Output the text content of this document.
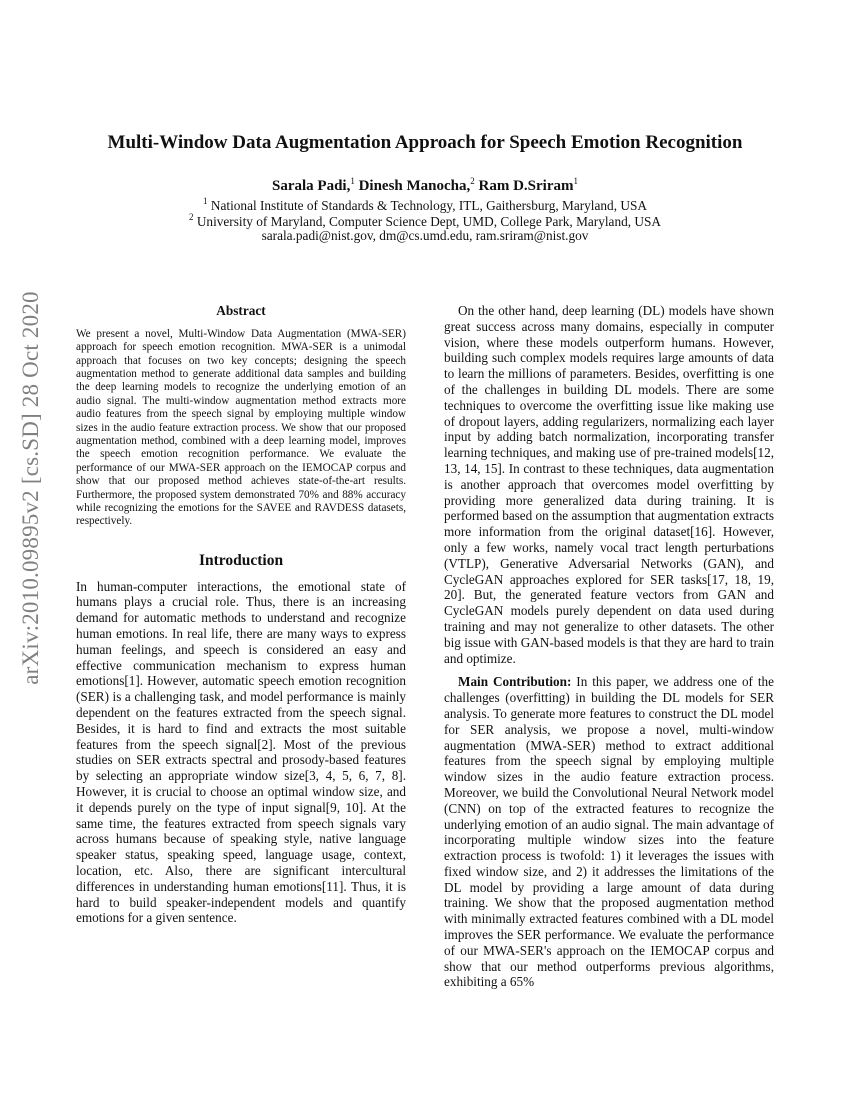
arXiv:2010.09895v2 [cs.SD] 28 Oct 2020
Multi-Window Data Augmentation Approach for Speech Emotion Recognition
Sarala Padi,$^1$ Dinesh Manocha,$^2$ Ram D.Sriram$^1$
$^1$ National Institute of Standards & Technology, ITL, Gaithersburg, Maryland, USA
$^2$ University of Maryland, Computer Science Dept, UMD, College Park, Maryland, USA
sarala.padi@nist.gov, dm@cs.umd.edu, ram.sriram@nist.gov
Abstract

We present a novel, Multi-Window Data Augmentation (MWA-SER) approach for speech emotion recognition. MWA-SER is a unimodal approach that focuses on two key concepts; designing the speech augmentation method to generate additional data samples and building the deep learning models to recognize the underlying emotion of an audio signal. The multi-window augmentation method extracts more audio features from the speech signal by employing multiple window sizes in the audio feature extraction process. We show that our proposed augmentation method, combined with a deep learning model, improves the speech emotion recognition performance. We evaluate the performance of our MWA-SER approach on the IEMOCAP corpus and show that our proposed method achieves state-of-the-art results. Furthermore, the proposed system demonstrated 70% and 88% accuracy while recognizing the emotions for the SAVEE and RAVDESS datasets, respectively.

Introduction

In human-computer interactions, the emotional state of humans plays a crucial role. Thus, there is an increasing demand for automatic methods to understand and recognize human emotions. In real life, there are many ways to express human feelings, and speech is considered an easy and effective communication mechanism to express human emotions[1]. However, automatic speech emotion recognition (SER) is a challenging task, and model performance is mainly dependent on the features extracted from the speech signal. Besides, it is hard to find and extracts the most suitable features from the speech signal[2]. Most of the previous studies on SER extracts spectral and prosody-based features by selecting an appropriate window size[3, 4, 5, 6, 7, 8]. However, it is crucial to choose an optimal window size, and it depends purely on the type of input signal[9, 10]. At the same time, the features extracted from speech signals vary across humans because of speaking style, native language speaker status, speaking speed, language usage, context, location, etc. Also, there are significant intercultural differences in understanding human emotions[11]. Thus, it is hard to build speaker-independent models and quantify emotions for a given sentence.

On the other hand, deep learning (DL) models have shown great success across many domains, especially in computer vision, where these models outperform humans. However, building such complex models requires large amounts of data to learn the millions of parameters. Besides, overfitting is one of the challenges in building DL models. There are some techniques to overcome the overfitting issue like making use of dropout layers, adding regularizers, normalizing each layer input by adding batch normalization, incorporating transfer learning techniques, and making use of pre-trained models[12, 13, 14, 15]. In contrast to these techniques, data augmentation is another approach that overcomes model overfitting by providing more generalized data during training. It is performed based on the assumption that augmentation extracts more information from the original dataset[16]. However, only a few works, namely vocal tract length perturbations (VTLP), Generative Adversarial Networks (GAN), and CycleGAN approaches explored for SER tasks[17, 18, 19, 20]. But, the generated feature vectors from GAN and CycleGAN models purely dependent on data used during training and may not generalize to other datasets. The other big issue with GAN-based models is that they are hard to train and optimize.

Main Contribution: In this paper, we address one of the challenges (overfitting) in building the DL models for SER analysis. To generate more features to construct the DL model for SER analysis, we propose a novel, multi-window augmentation (MWA-SER) method to extract additional features from the speech signal by employing multiple window sizes in the audio feature extraction process. Moreover, we build the Convolutional Neural Network model (CNN) on top of the extracted features to recognize the underlying emotion of an audio signal. The main advantage of incorporating multiple window sizes into the feature extraction process is twofold: 1) it leverages the issues with fixed window size, and 2) it addresses the limitations of the DL model by providing a large amount of data during training. We show that the proposed augmentation method with minimally extracted features combined with a DL model improves the SER performance. We evaluate the performance of our MWA-SER's approach on the IEMOCAP corpus and show that our method outperforms previous algorithms, exhibiting a 65%
